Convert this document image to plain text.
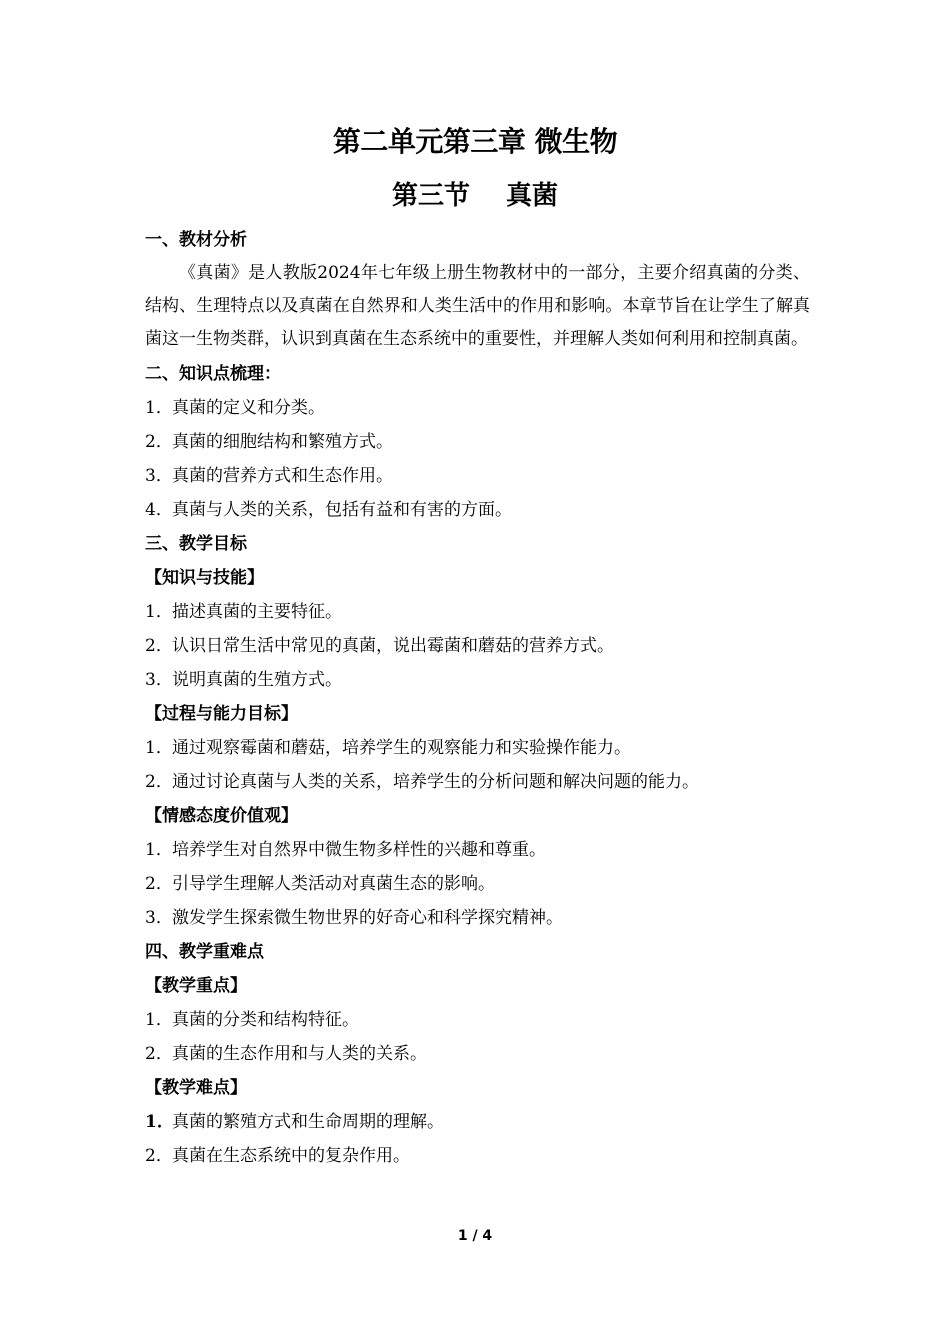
第二单元第三章 微生物
第三节 真菌
一、教材分析

《真菌》是人教版2024年七年级上册生物教材中的一部分，主要介绍真菌的分类、结构、生理特点以及真菌在自然界和人类生活中的作用和影响。本章节旨在让学生了解真菌这一生物类群，认识到真菌在生态系统中的重要性，并理解人类如何利用和控制真菌。

二、知识点梳理：
1．真菌的定义和分类。
2．真菌的细胞结构和繁殖方式。
3．真菌的营养方式和生态作用。
4．真菌与人类的关系，包括有益和有害的方面。
三、教学目标
【知识与技能】
1．描述真菌的主要特征。
2．认识日常生活中常见的真菌，说出霉菌和蘑菇的营养方式。
3．说明真菌的生殖方式。
【过程与能力目标】
1．通过观察霉菌和蘑菇，培养学生的观察能力和实验操作能力。
2．通过讨论真菌与人类的关系，培养学生的分析问题和解决问题的能力。
【情感态度价值观】
1．培养学生对自然界中微生物多样性的兴趣和尊重。
2．引导学生理解人类活动对真菌生态的影响。
3．激发学生探索微生物世界的好奇心和科学探究精神。
四、教学重难点
【教学重点】
1．真菌的分类和结构特征。
2．真菌的生态作用和与人类的关系。
【教学难点】
1．真菌的繁殖方式和生命周期的理解。
2．真菌在生态系统中的复杂作用。
1 / 4
